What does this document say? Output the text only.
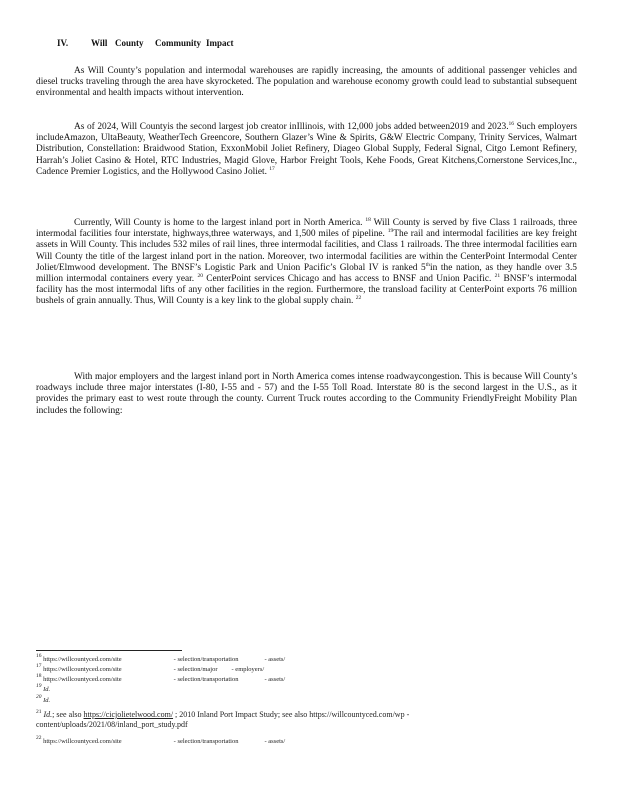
IV.	Will County Community Impact

As Will County’s population and intermodal warehouses are rapidly increasing, the amounts of additional passenger vehicles and diesel trucks traveling through the area have skyrocketed. The population and warehouse economy growth could lead to substantial subsequent environmental and health impacts without intervention.

As of 2024, Will Countyis the second largest job creator inIllinois, with 12,000 jobs added between2019 and 2023.16 Such employers includeAmazon, UltaBeauty, WeatherTech Greencore, Southern Glazer’s Wine & Spirits, G&W Electric Company, Trinity Services, Walmart Distribution, Constellation: Braidwood Station, ExxonMobil Joliet Refinery, Diageo Global Supply, Federal Signal, Citgo Lemont Refinery, Harrah’s Joliet Casino & Hotel, RTC Industries, Magid Glove, Harbor Freight Tools, Kehe Foods, Great Kitchens,Cornerstone Services,Inc., Cadence Premier Logistics, and the Hollywood Casino Joliet. $^{17}$

Currently, Will County is home to the largest inland port in North America. $^{18}$ Will County is served by five Class 1 railroads, three intermodal facilities four interstate, highways,three waterways, and 1,500 miles of pipeline. $^{19}$The rail and intermodal facilities are key freight assets in Will County. This includes 532 miles of rail lines, three intermodal facilities, and Class 1 railroads. The three intermodal facilities earn Will County the title of the largest inland port in the nation. Moreover, two intermodal facilities are within the CenterPoint Intermodal Center Joliet/Elmwood development. The BNSF’s Logistic Park and Union Pacific’s Global IV is ranked 5thin the nation, as they handle over 3.5 million intermodal containers every year. $^{20}$ CenterPoint services Chicago and has access to BNSF and Union Pacific. $^{21}$ BNSF’s intermodal facility has the most intermodal lifts of any other facilities in the region. Furthermore, the transload facility at CenterPoint exports 76 million bushels of grain annually. Thus, Will County is a key link to the global supply chain. $^{22}$

With major employers and the largest inland port in North America comes intense roadwaycongestion. This is because Will County’s roadways include three major interstates (I-80, I-55 and - 57) and the I-55 Toll Road. Interstate 80 is the second largest in the U.S., as it provides the primary east to west route through the county. Current Truck routes according to the Community FriendlyFreight Mobility Plan includes the following:

$^{16}$ https://willcountyced.com/site	- selection/transportation	- assets/
$^{17}$ https://willcountyced.com/site	- selection/major - employers/
$^{18}$ https://willcountyced.com/site	- selection/transportation	- assets/
$^{19}$ Id.
$^{20}$ Id.
$^{21}$ Id.; see also https://cicjolietelwood.com/ ; 2010 Inland Port Impact Study; see also https://willcountyced.com/wp -
content/uploads/2021/08/inland_port_study.pdf
$^{22}$ https://willcountyced.com/site	- selection/transportation	- assets/
